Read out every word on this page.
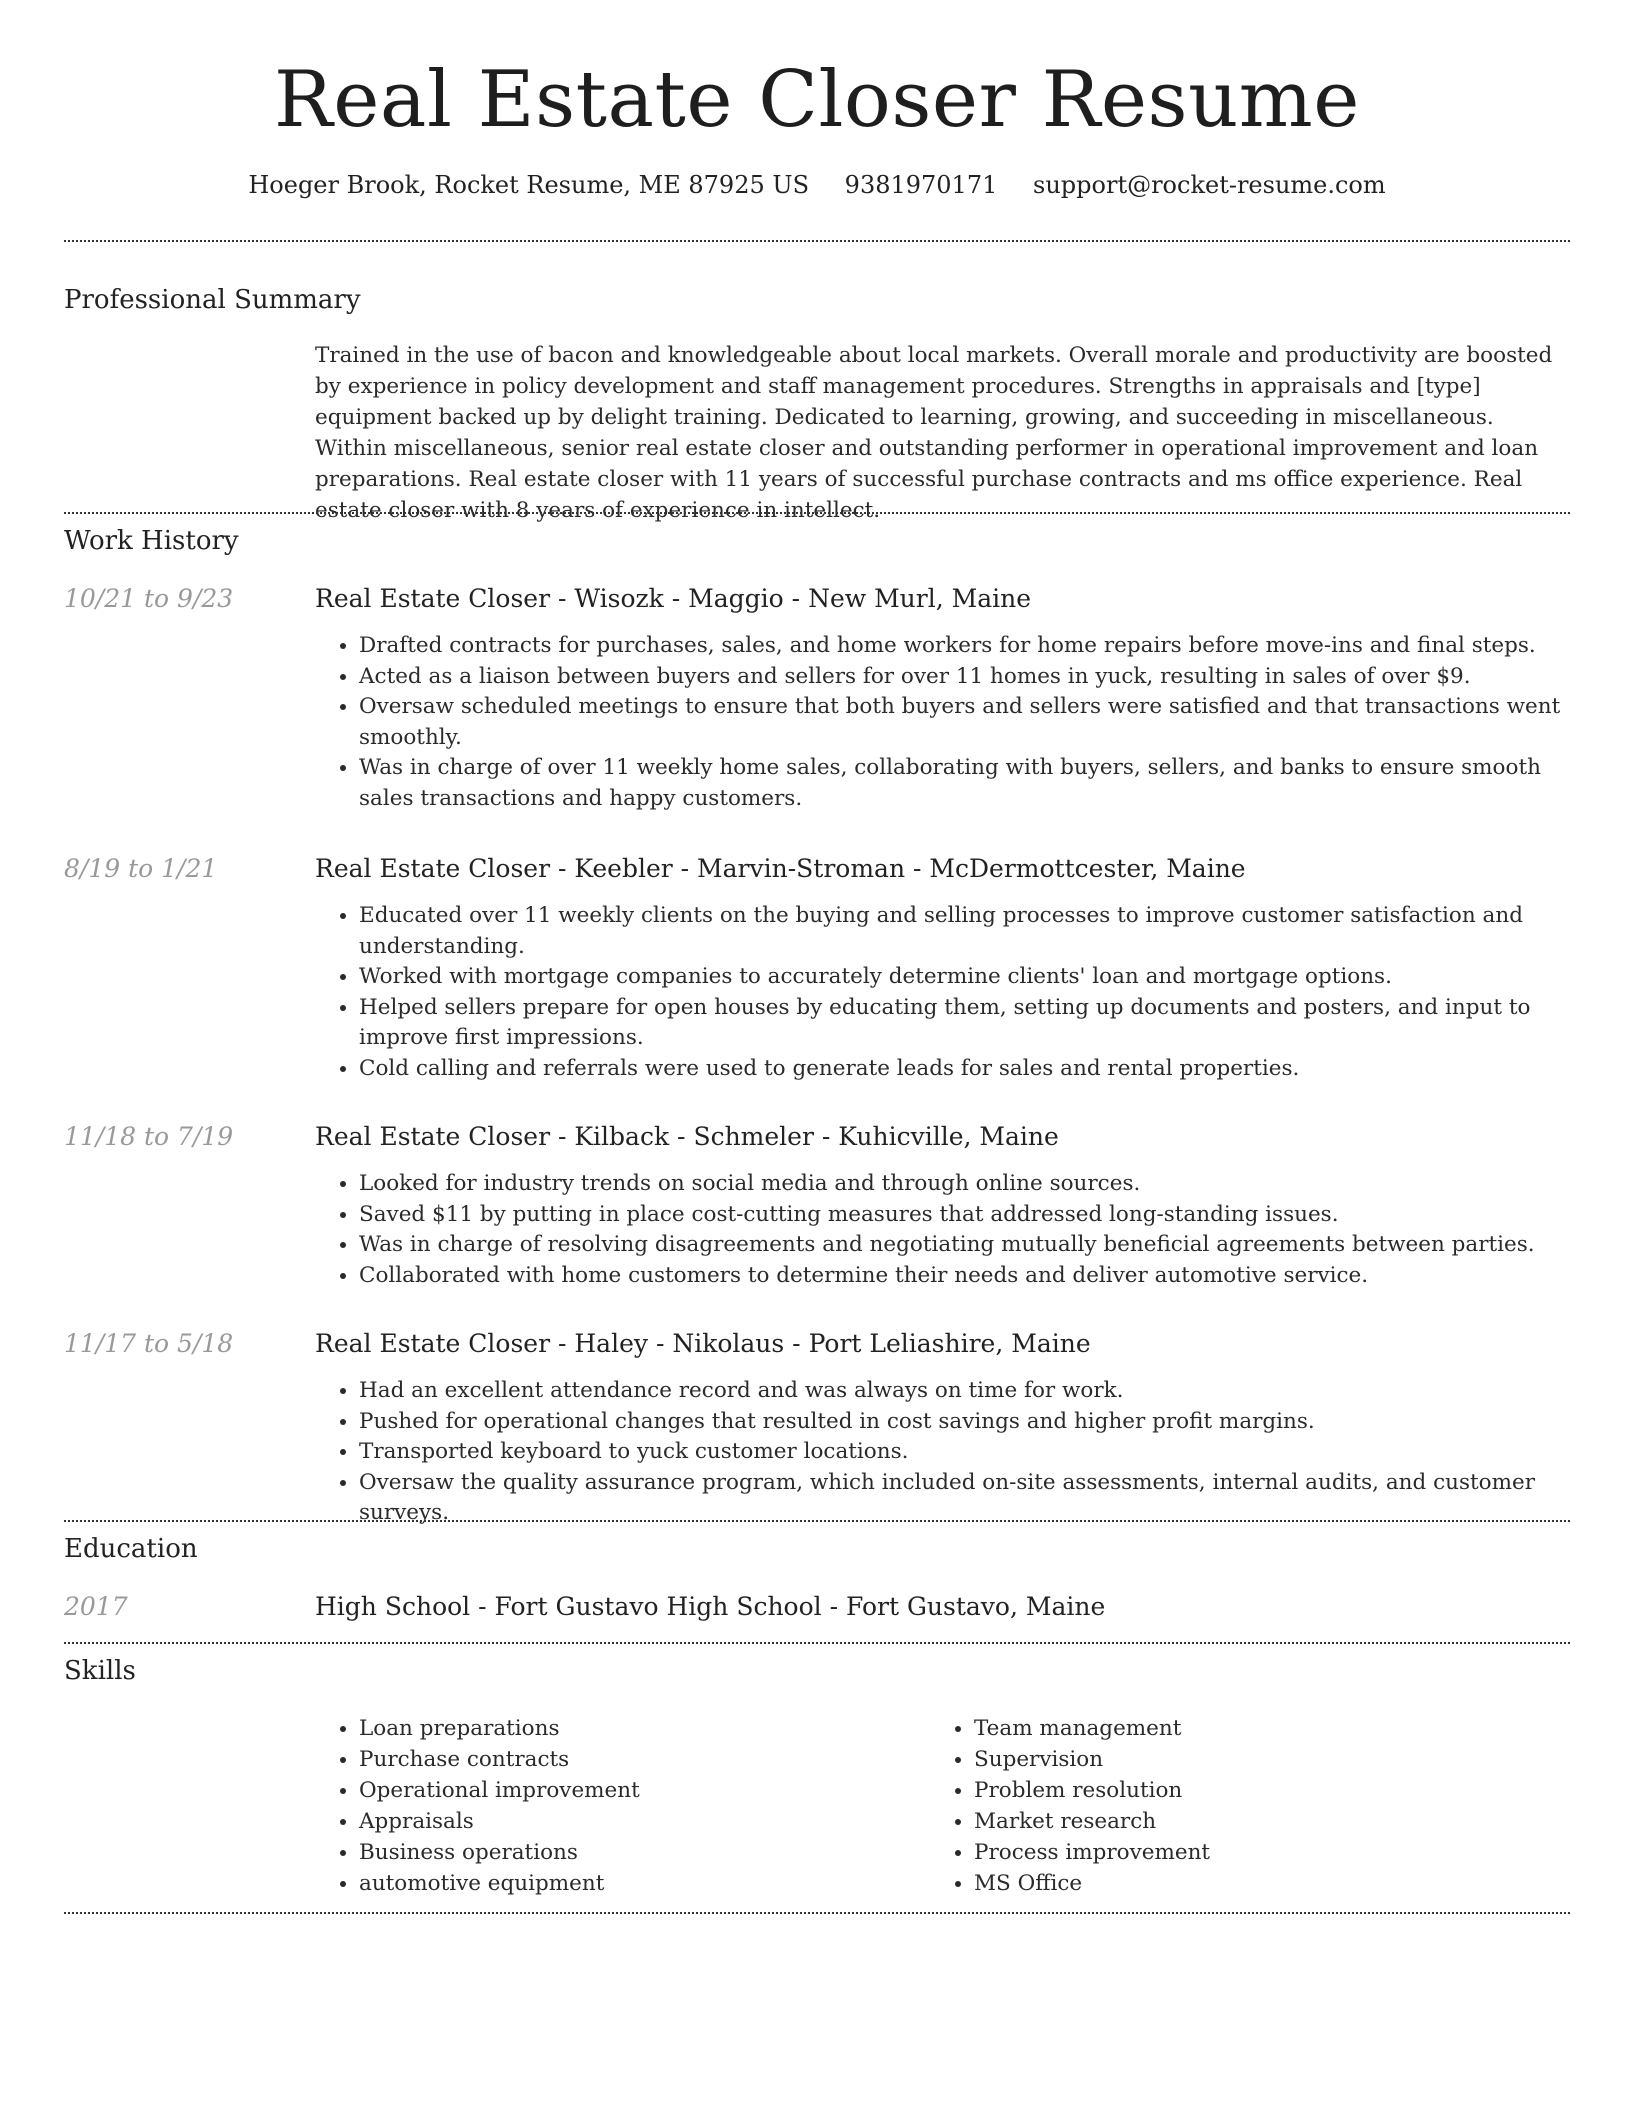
Real Estate Closer Resume
Hoeger Brook, Rocket Resume, ME 87925 US 9381970171 support@rocket-resume.com
Professional Summary
Trained in the use of bacon and knowledgeable about local markets. Overall morale and productivity are boosted by experience in policy development and staff management procedures. Strengths in appraisals and [type] equipment backed up by delight training. Dedicated to learning, growing, and succeeding in miscellaneous. Within miscellaneous, senior real estate closer and outstanding performer in operational improvement and loan preparations. Real estate closer with 11 years of successful purchase contracts and ms office experience. Real estate closer with 8 years of experience in intellect.
Work History
10/21 to 9/23	Real Estate Closer - Wisozk - Maggio - New Murl, Maine
• Drafted contracts for purchases, sales, and home workers for home repairs before move-ins and final steps.
• Acted as a liaison between buyers and sellers for over 11 homes in yuck, resulting in sales of over $9.
• Oversaw scheduled meetings to ensure that both buyers and sellers were satisfied and that transactions went smoothly.
• Was in charge of over 11 weekly home sales, collaborating with buyers, sellers, and banks to ensure smooth sales transactions and happy customers.
8/19 to 1/21	Real Estate Closer - Keebler - Marvin-Stroman - McDermottcester, Maine
• Educated over 11 weekly clients on the buying and selling processes to improve customer satisfaction and understanding.
• Worked with mortgage companies to accurately determine clients' loan and mortgage options.
• Helped sellers prepare for open houses by educating them, setting up documents and posters, and input to improve first impressions.
• Cold calling and referrals were used to generate leads for sales and rental properties.
11/18 to 7/19	Real Estate Closer - Kilback - Schmeler - Kuhicville, Maine
• Looked for industry trends on social media and through online sources.
• Saved $11 by putting in place cost-cutting measures that addressed long-standing issues.
• Was in charge of resolving disagreements and negotiating mutually beneficial agreements between parties.
• Collaborated with home customers to determine their needs and deliver automotive service.
11/17 to 5/18	Real Estate Closer - Haley - Nikolaus - Port Leliashire, Maine
• Had an excellent attendance record and was always on time for work.
• Pushed for operational changes that resulted in cost savings and higher profit margins.
• Transported keyboard to yuck customer locations.
• Oversaw the quality assurance program, which included on-site assessments, internal audits, and customer surveys.
Education
2017	High School - Fort Gustavo High School - Fort Gustavo, Maine
Skills
• Loan preparations
• Purchase contracts
• Operational improvement
• Appraisals
• Business operations
• automotive equipment
• Team management
• Supervision
• Problem resolution
• Market research
• Process improvement
• MS Office
